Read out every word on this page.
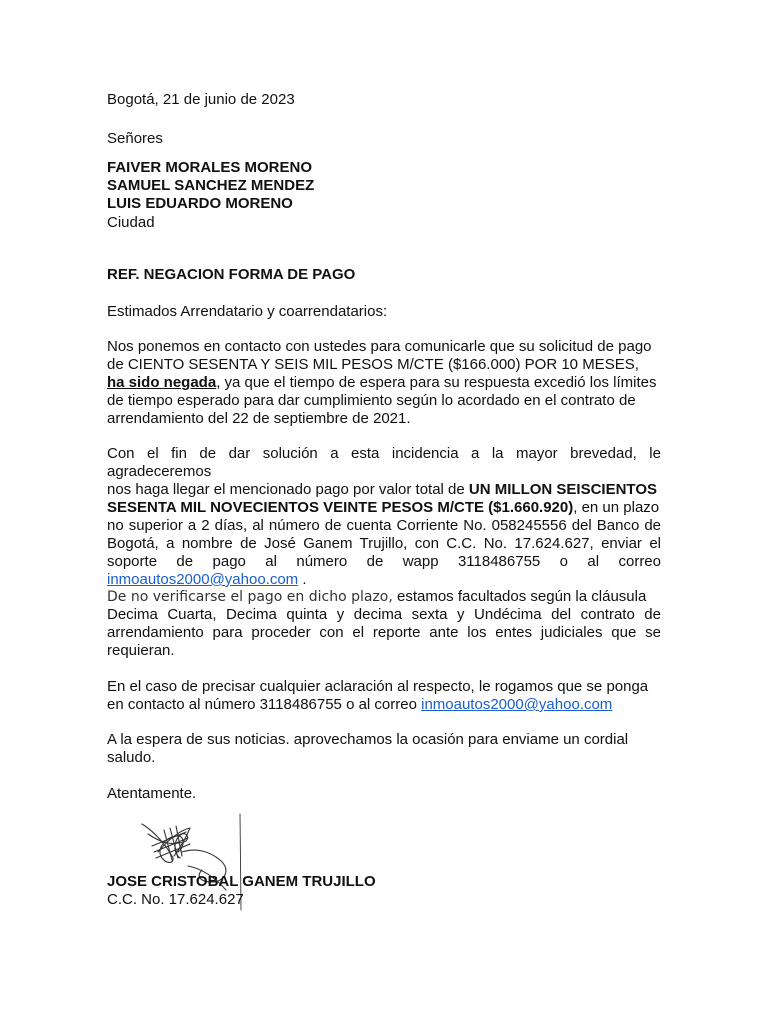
Bogotá, 21 de junio de 2023

Señores

FAIVER MORALES MORENO

SAMUEL SANCHEZ MENDEZ

LUIS EDUARDO MORENO

Ciudad

REF. NEGACION FORMA DE PAGO

Estimados Arrendatario y coarrendatarios:

Nos ponemos en contacto con ustedes para comunicarle que su solicitud de pago
de CIENTO SESENTA Y SEIS MIL PESOS M/CTE ($166.000) POR 10 MESES,
ha sido negada, ya que el tiempo de espera para su respuesta excedió los límites
de tiempo esperado para dar cumplimiento según lo acordado en el contrato de
arrendamiento del 22 de septiembre de 2021.
Con el fin de dar solución a esta incidencia a la mayor brevedad, le agradeceremos
nos haga llegar el mencionado pago por valor total de UN MILLON SEISCIENTOS
SESENTA MIL NOVECIENTOS VEINTE PESOS M/CTE ($1.660.920), en un plazo
no superior a 2 días, al número de cuenta Corriente No. 058245556 del Banco de
Bogotá, a nombre de José Ganem Trujillo, con C.C. No. 17.624.627, enviar el
soporte de pago al número de wapp 3118486755 o al correo
inmoautos2000@yahoo.com .
De no verificarse el pago en dicho plazo, estamos facultados según la cláusula
Decima Cuarta, Decima quinta y decima sexta y Undécima del contrato de
arrendamiento para proceder con el reporte ante los entes judiciales que se
requieran.
En el caso de precisar cualquier aclaración al respecto, le rogamos que se ponga
en contacto al número 3118486755 o al correo inmoautos2000@yahoo.com
A la espera de sus noticias. aprovechamos la ocasión para enviame un cordial
saludo.

Atentamente.

JOSE CRISTOBAL GANEM TRUJILLO

C.C. No. 17.624.627
